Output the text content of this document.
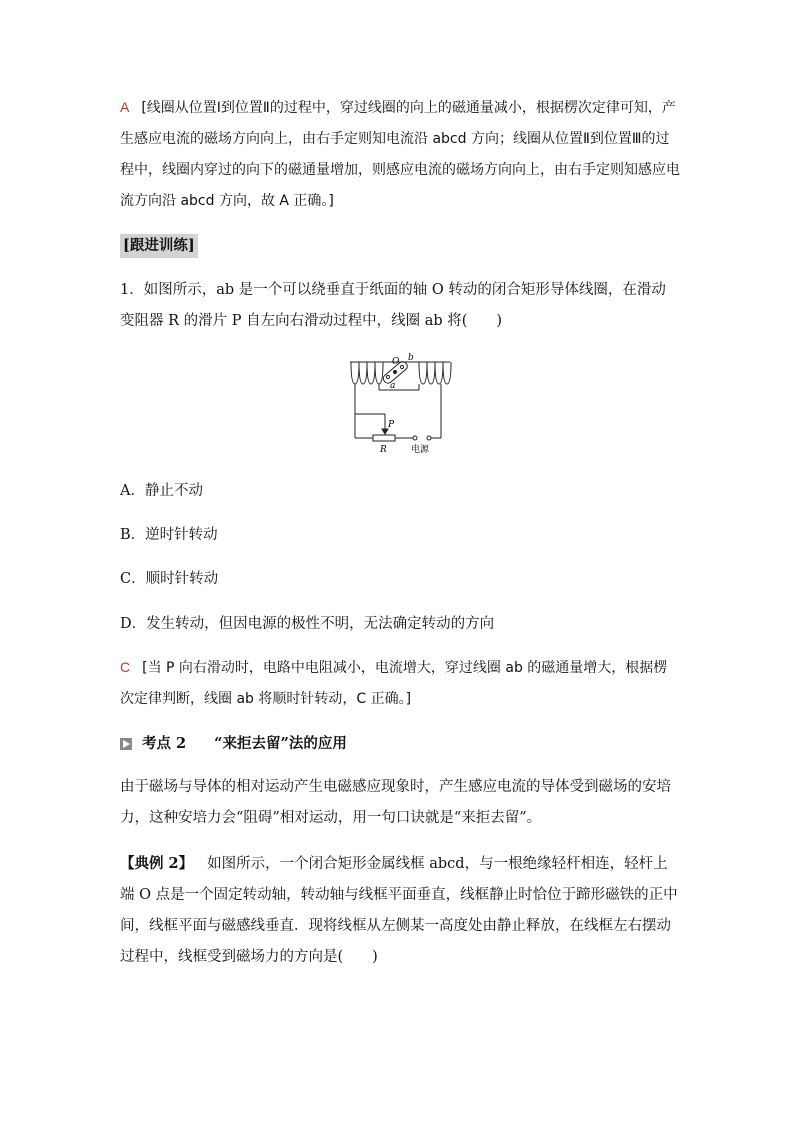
A [线圈从位置Ⅰ到位置Ⅱ的过程中，穿过线圈的向上的磁通量减小，根据楞次定律可知，产生感应电流的磁场方向向上，由右手定则知电流沿 abcd 方向；线圈从位置Ⅱ到位置Ⅲ的过程中，线圈内穿过的向下的磁通量增加，则感应电流的磁场方向向上，由右手定则知感应电流方向沿 abcd 方向，故 A 正确。]
[跟进训练]
1．如图所示，ab 是一个可以绕垂直于纸面的轴 O 转动的闭合矩形导体线圈，在滑动变阻器 R 的滑片 P 自左向右滑动过程中，线圈 ab 将(　　)
O b
a
P
R	电源
A．静止不动
B．逆时针转动
C．顺时针转动
D．发生转动，但因电源的极性不明，无法确定转动的方向
C [当 P 向右滑动时，电路中电阻减小，电流增大，穿过线圈 ab 的磁通量增大，根据楞次定律判断，线圈 ab 将顺时针转动，C 正确。]
考点 2 “来拒去留”法的应用
由于磁场与导体的相对运动产生电磁感应现象时，产生感应电流的导体受到磁场的安培力，这种安培力会“阻碍”相对运动，用一句口诀就是“来拒去留”。
【典例 2】 如图所示，一个闭合矩形金属线框 abcd，与一根绝缘轻杆相连，轻杆上端 O 点是一个固定转动轴，转动轴与线框平面垂直，线框静止时恰位于蹄形磁铁的正中间，线框平面与磁感线垂直．现将线框从左侧某一高度处由静止释放，在线框左右摆动过程中，线框受到磁场力的方向是(　　)
